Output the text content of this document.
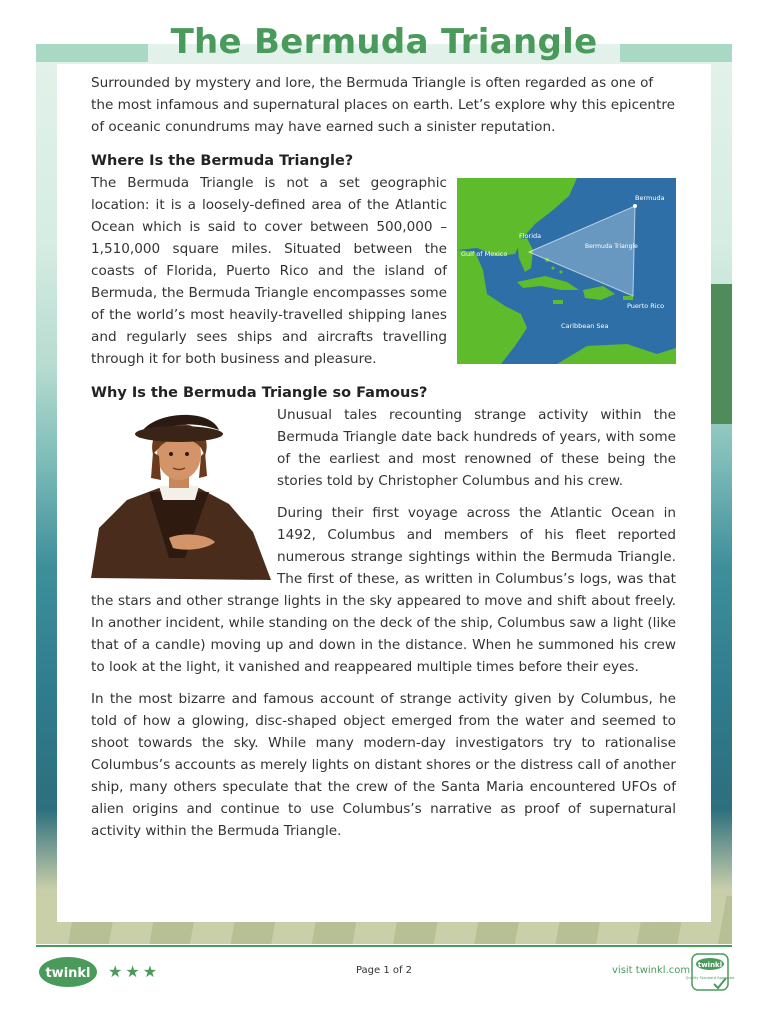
The Bermuda Triangle

Surrounded by mystery and lore, the Bermuda Triangle is often regarded as one of the most infamous and supernatural places on earth. Let’s explore why this epicentre of oceanic conundrums may have earned such a sinister reputation.

Where Is the Bermuda Triangle?

The Bermuda Triangle is not a set geographic location: it is a loosely-defined area of the Atlantic Ocean which is said to cover between 500,000 – 1,510,000 square miles. Situated between the coasts of Florida, Puerto Rico and the island of Bermuda, the Bermuda Triangle encompasses some of the world’s most heavily-travelled shipping lanes and regularly sees ships and aircrafts travelling through it for both business and pleasure.

Bermuda
Florida
Gulf of Mexico
Bermuda Triangle
Puerto Rico
Caribbean Sea
Why Is the Bermuda Triangle so Famous?

Unusual tales recounting strange activity within the Bermuda Triangle date back hundreds of years, with some of the earliest and most renowned of these being the stories told by Christopher Columbus and his crew.

During their first voyage across the Atlantic Ocean in 1492, Columbus and members of his fleet reported numerous strange sightings within the Bermuda Triangle. The first of these, as written in Columbus’s logs, was that the stars and other strange lights in the sky appeared to move and shift about freely. In another incident, while standing on the deck of the ship, Columbus saw a light (like that of a candle) moving up and down in the distance. When he summoned his crew to look at the light, it vanished and reappeared multiple times before their eyes.

In the most bizarre and famous account of strange activity given by Columbus, he told of how a glowing, disc-shaped object emerged from the water and seemed to shoot towards the sky. While many modern-day investigators try to rationalise Columbus’s accounts as merely lights on distant shores or the distress call of another ship, many others speculate that the crew of the Santa Maria encountered UFOs of alien origins and continue to use Columbus’s narrative as proof of supernatural activity within the Bermuda Triangle.

twinkl ★★★	Page 1 of 2	visit twinkl.com twinkl
Quality Standard Approved
